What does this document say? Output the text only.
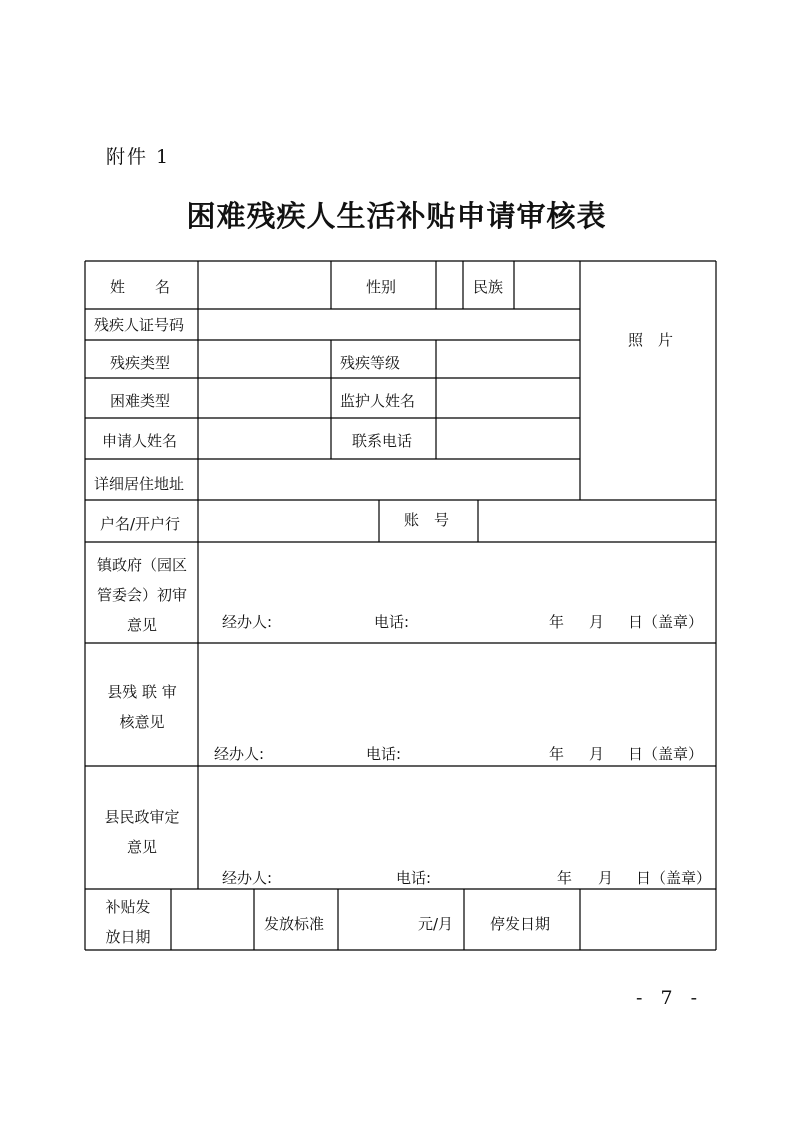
附件 1
困难残疾人生活补贴申请审核表
姓　　名	性别	民族
照　片
残疾人证号码
残疾类型	残疾等级
困难类型	监护人姓名
申请人姓名	联系电话
详细居住地址
户名/开户行	账　号
镇政府（园区
管委会）初审
意见	经办人:	电话:	年 月 日（盖章）
县残 联 审
核意见
经办人:	电话:	年 月 日（盖章）
县民政审定
意见
经办人:	电话:	年 月 日（盖章）
补贴发
放日期
发放标准	元/月 停发日期
- 7 -
